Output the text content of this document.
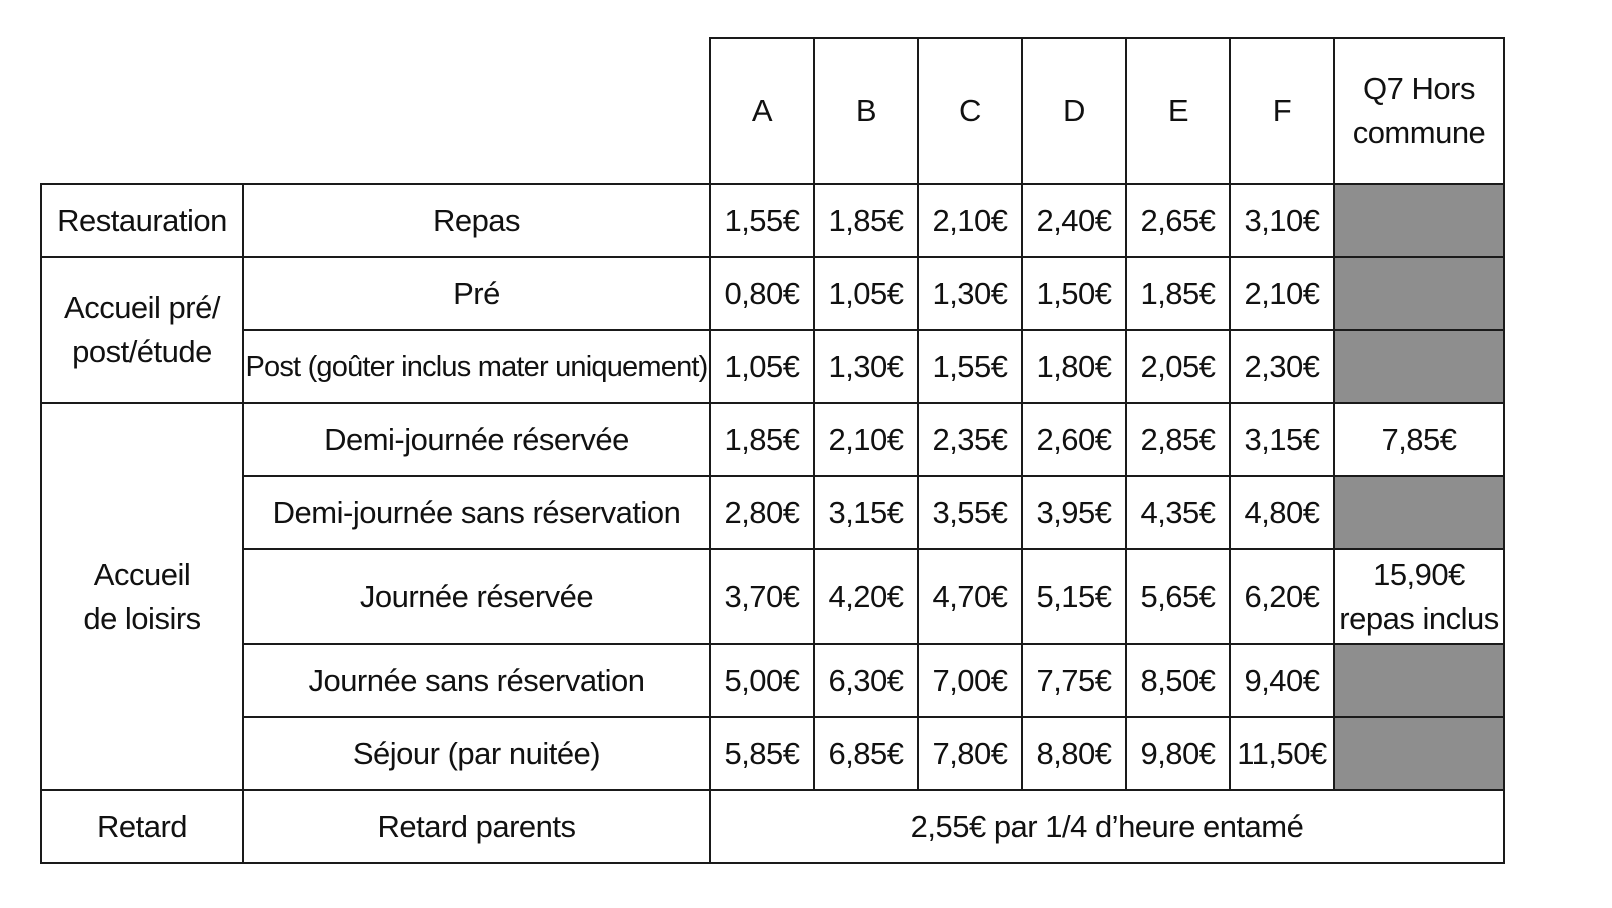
		A	B	C	D	E	F	Q7 Hors
commune

Restauration	Repas	1,55€	1,85€	2,10€	2,40€	2,65€	3,10€	

Accueil pré/
post/étude	Pré	0,80€	1,05€	1,30€	1,50€	1,85€	2,10€	
	Post (goûter inclus mater uniquement)	1,05€	1,30€	1,55€	1,80€	2,05€	2,30€	

Accueil
de loisirs	Demi-journée réservée	1,85€	2,10€	2,35€	2,60€	2,85€	3,15€	7,85€
	Demi-journée sans réservation	2,80€	3,15€	3,55€	3,95€	4,35€	4,80€	
	Journée réservée	3,70€	4,20€	4,70€	5,15€	5,65€	6,20€	15,90€
repas inclus

	Journée sans réservation	5,00€	6,30€	7,00€	7,75€	8,50€	9,40€	
	Séjour (par nuitée)	5,85€	6,85€	7,80€	8,80€	9,80€	11,50€	
Retard	Retard parents	2,55€ par 1/4 d’heure entamé						
